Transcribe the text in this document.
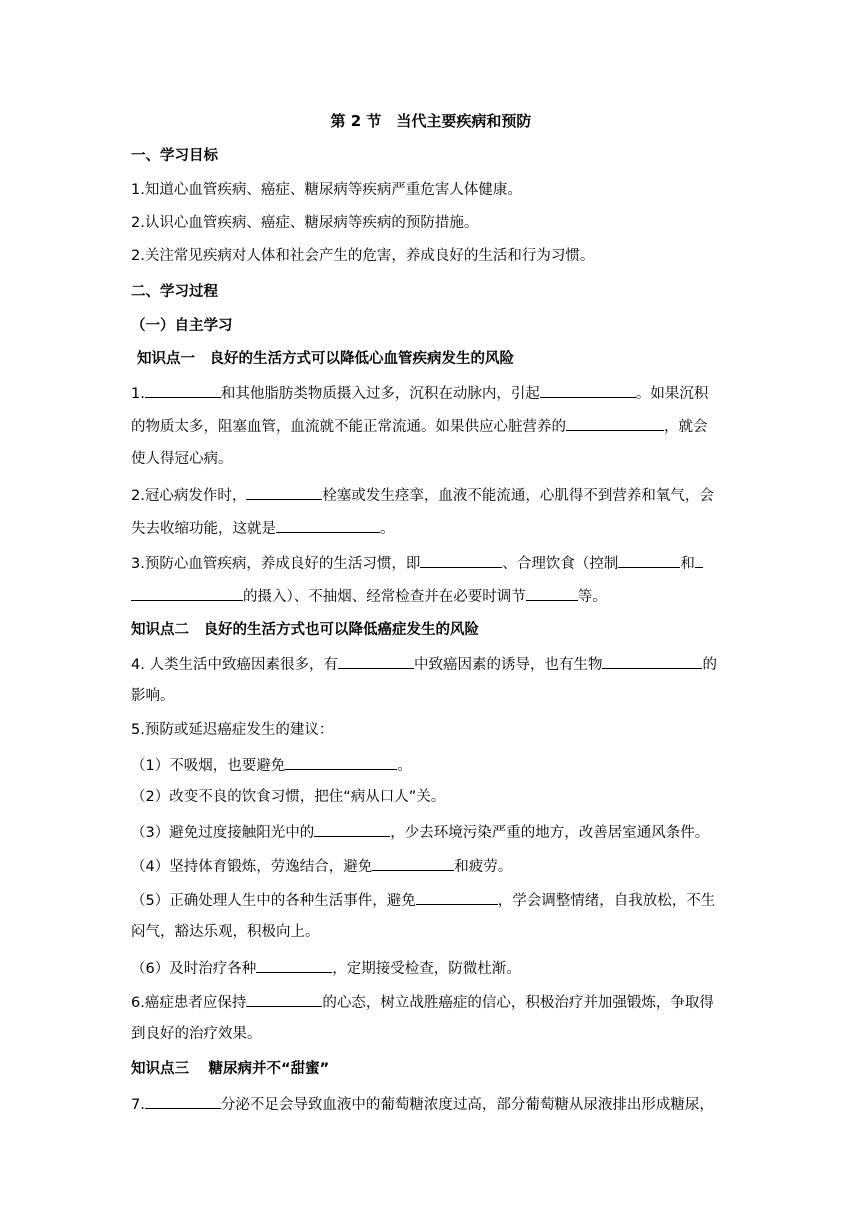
第 2 节　当代主要疾病和预防
一、学习目标
1.知道心血管疾病、癌症、糖尿病等疾病严重危害人体健康。
2.认识心血管疾病、癌症、糖尿病等疾病的预防措施。
2.关注常见疾病对人体和社会产生的危害，养成良好的生活和行为习惯。
二、学习过程
（一）自主学习
知识点一　良好的生活方式可以降低心血管疾病发生的风险
1.	和其他脂肪类物质摄入过多，沉积在动脉内，引起	。如果沉积
的物质太多，阻塞血管，血流就不能正常流通。如果供应心脏营养的	，就会
使人得冠心病。
2.冠心病发作时，	栓塞或发生痉挛，血液不能流通，心肌得不到营养和氧气，会
失去收缩功能，这就是	。
3.预防心血管疾病，养成良好的生活习惯，即	、合理饮食（控制	和
的摄入）、不抽烟、经常检查并在必要时调节	等。
知识点二　良好的生活方式也可以降低癌症发生的风险
4. 人类生活中致癌因素很多，有	中致癌因素的诱导，也有生物	的
影响。
5.预防或延迟癌症发生的建议：
（1）不吸烟，也要避免	。
（2）改变不良的饮食习惯，把住“病从口人”关。
（3）避免过度接触阳光中的	，少去环境污染严重的地方，改善居室通风条件。
（4）坚持体育锻炼，劳逸结合，避免	和疲劳。
（5）正确处理人生中的各种生活事件，避免	，学会调整情绪，自我放松，不生
闷气，豁达乐观，积极向上。
（6）及时治疗各种	，定期接受检查，防微杜渐。
6.癌症患者应保持	的心态，树立战胜癌症的信心，积极治疗并加强锻炼，争取得
到良好的治疗效果。
知识点三　 糖尿病并不“甜蜜”
7.	分泌不足会导致血液中的葡萄糖浓度过高，部分葡萄糖从尿液排出形成糖尿，
